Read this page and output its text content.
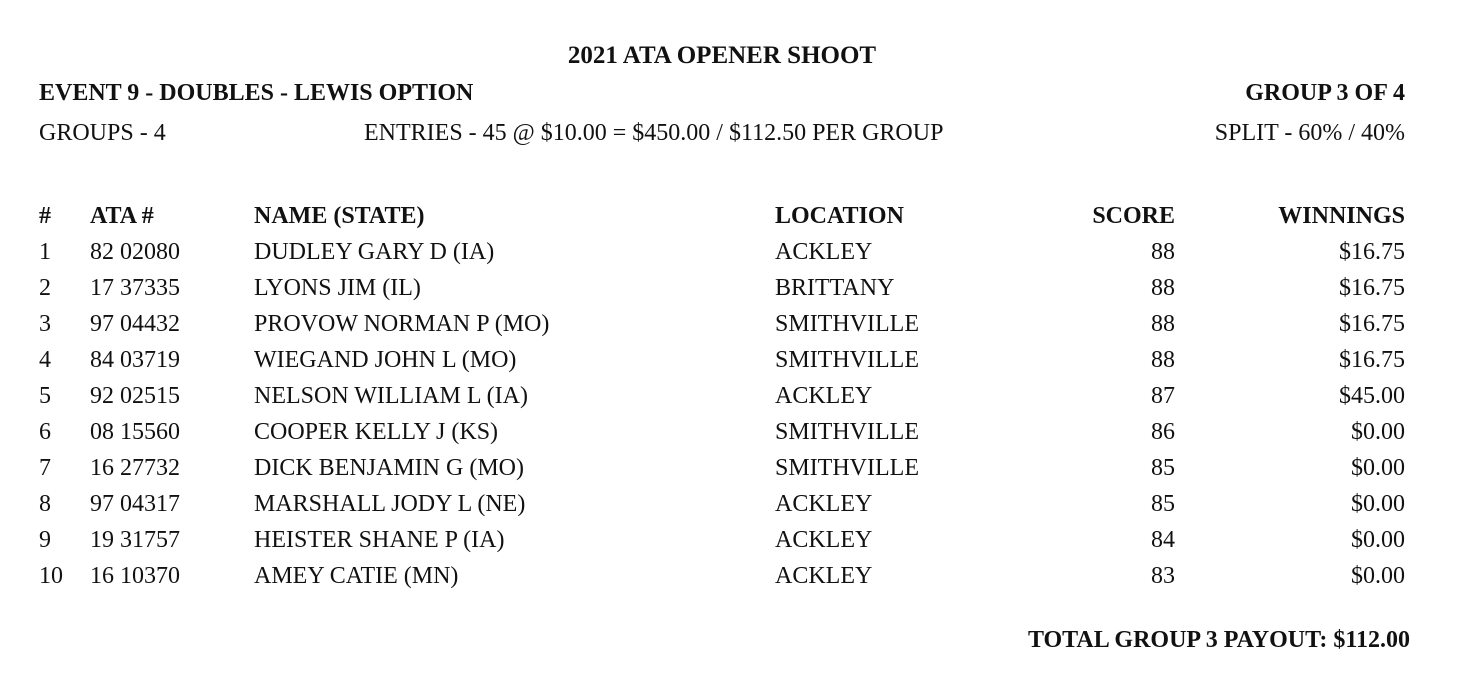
2021 ATA OPENER SHOOT
EVENT 9 - DOUBLES - LEWIS OPTION	GROUP 3 OF 4
GROUPS - 4	ENTRIES - 45 @ $10.00 = $450.00 / $112.50 PER GROUP	SPLIT - 60% / 40%
#	ATA #	NAME (STATE)	LOCATION	SCORE	WINNINGS
1	82 02080	DUDLEY GARY D (IA)	ACKLEY	88	$16.75
2	17 37335	LYONS JIM (IL)	BRITTANY	88	$16.75
3	97 04432	PROVOW NORMAN P (MO)	SMITHVILLE	88	$16.75
4	84 03719	WIEGAND JOHN L (MO)	SMITHVILLE	88	$16.75
5	92 02515	NELSON WILLIAM L (IA)	ACKLEY	87	$45.00
6	08 15560	COOPER KELLY J (KS)	SMITHVILLE	86	$0.00
7	16 27732	DICK BENJAMIN G (MO)	SMITHVILLE	85	$0.00
8	97 04317	MARSHALL JODY L (NE)	ACKLEY	85	$0.00
9	19 31757	HEISTER SHANE P (IA)	ACKLEY	84	$0.00
10	16 10370	AMEY CATIE (MN)	ACKLEY	83	$0.00
TOTAL GROUP 3 PAYOUT: $112.00
